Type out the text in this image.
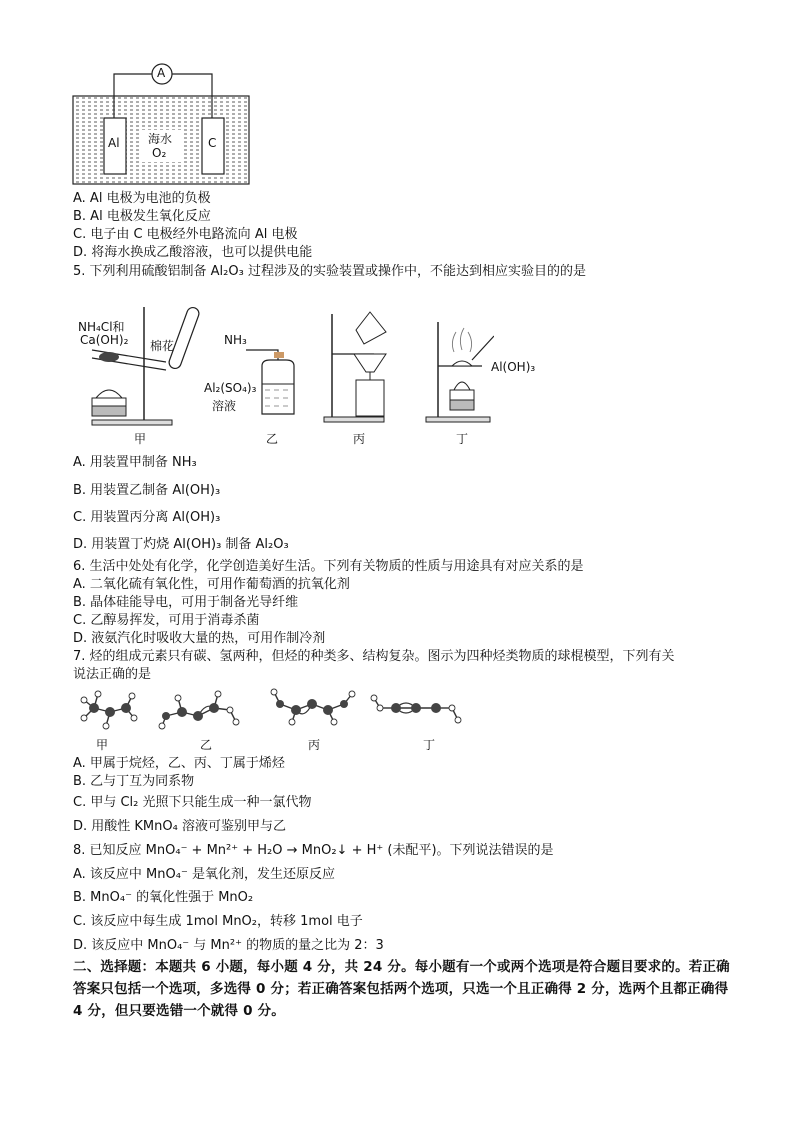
A
Al	C
海水
O₂
A. Al 电极为电池的负极
B. Al 电极发生氧化反应
C. 电子由 C 电极经外电路流向 Al 电极
D. 将海水换成乙酸溶液，也可以提供电能
5. 下列利用硫酸铝制备 Al₂O₃ 过程涉及的实验装置或操作中，不能达到相应实验目的的是
NH₄Cl和
Ca(OH)₂ 棉花	NH₃
Al₂(SO₄)₃
溶液
Al(OH)₃
甲	乙	丙	丁
A. 用装置甲制备 NH₃
B. 用装置乙制备 Al(OH)₃
C. 用装置丙分离 Al(OH)₃
D. 用装置丁灼烧 Al(OH)₃ 制备 Al₂O₃
6. 生活中处处有化学，化学创造美好生活。下列有关物质的性质与用途具有对应关系的是
A. 二氧化硫有氧化性，可用作葡萄酒的抗氧化剂
B. 晶体硅能导电，可用于制备光导纤维
C. 乙醇易挥发，可用于消毒杀菌
D. 液氨汽化时吸收大量的热，可用作制冷剂
7. 烃的组成元素只有碳、氢两种，但烃的种类多、结构复杂。图示为四种烃类物质的球棍模型，下列有关
说法正确的是
甲	乙	丙	丁
A. 甲属于烷烃，乙、丙、丁属于烯烃
B. 乙与丁互为同系物
C. 甲与 Cl₂ 光照下只能生成一种一氯代物
D. 用酸性 KMnO₄ 溶液可鉴别甲与乙
8. 已知反应 MnO₄⁻ + Mn²⁺ + H₂O → MnO₂↓ + H⁺ (未配平)。下列说法错误的是
A. 该反应中 MnO₄⁻ 是氧化剂，发生还原反应
B. MnO₄⁻ 的氧化性强于 MnO₂
C. 该反应中每生成 1mol MnO₂，转移 1mol 电子
D. 该反应中 MnO₄⁻ 与 Mn²⁺ 的物质的量之比为 2：3
二、选择题：本题共 6 小题，每小题 4 分，共 24 分。每小题有一个或两个选项是符合题目要求的。若正确答案只包括一个选项，多选得 0 分；若正确答案包括两个选项，只选一个且正确得 2 分，选两个且都正确得 4 分，但只要选错一个就得 0 分。
